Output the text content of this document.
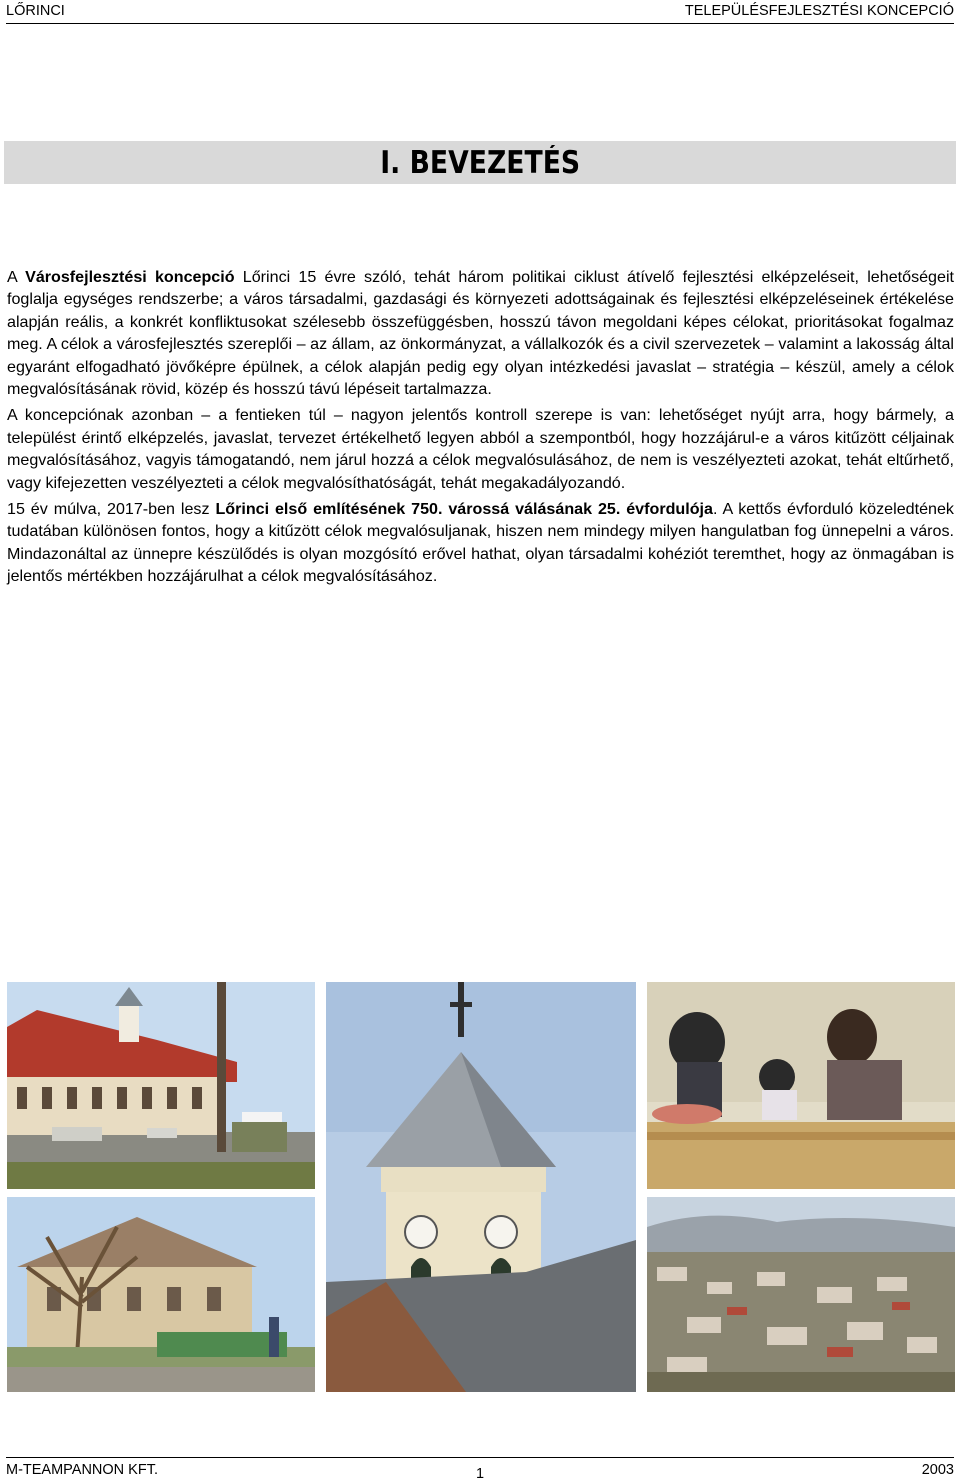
LŐRINCI	TELEPÜLÉSFEJLESZTÉSI KONCEPCIÓ
I. BEVEZETÉS

A Városfejlesztési koncepció Lőrinci 15 évre szóló, tehát három politikai ciklust átívelő fejlesztési elképzeléseit, lehetőségeit foglalja egységes rendszerbe; a város társadalmi, gazdasági és környezeti adottságainak és fejlesztési elképzeléseinek értékelése alapján reális, a konkrét konfliktusokat szélesebb összefüggésben, hosszú távon megoldani képes célokat, prioritásokat fogalmaz meg. A célok a városfejlesztés szereplői – az állam, az önkormányzat, a vállalkozók és a civil szervezetek – valamint a lakosság által egyaránt elfogadható jövőképre épülnek, a célok alapján pedig egy olyan intézkedési javaslat – stratégia – készül, amely a célok megvalósításának rövid, közép és hosszú távú lépéseit tartalmazza.

A koncepciónak azonban – a fentieken túl – nagyon jelentős kontroll szerepe is van: lehetőséget nyújt arra, hogy bármely, a települést érintő elképzelés, javaslat, tervezet értékelhető legyen abból a szempontból, hogy hozzájárul-e a város kitűzött céljainak megvalósításához, vagyis támogatandó, nem járul hozzá a célok megvalósulásához, de nem is veszélyezteti azokat, tehát eltűrhető, vagy kifejezetten veszélyezteti a célok megvalósíthatóságát, tehát megakadályozandó.

15 év múlva, 2017-ben lesz Lőrinci első említésének 750. várossá válásának 25. évfordulója. A kettős évforduló közeledtének tudatában különösen fontos, hogy a kitűzött célok megvalósuljanak, hiszen nem mindegy milyen hangulatban fog ünnepelni a város. Mindazonáltal az ünnepre készülődés is olyan mozgósító erővel hathat, olyan társadalmi kohéziót teremthet, hogy az önmagában is jelentős mértékben hozzájárulhat a célok megvalósításához.

M-TEAMPANNON KFT.	1	2003
